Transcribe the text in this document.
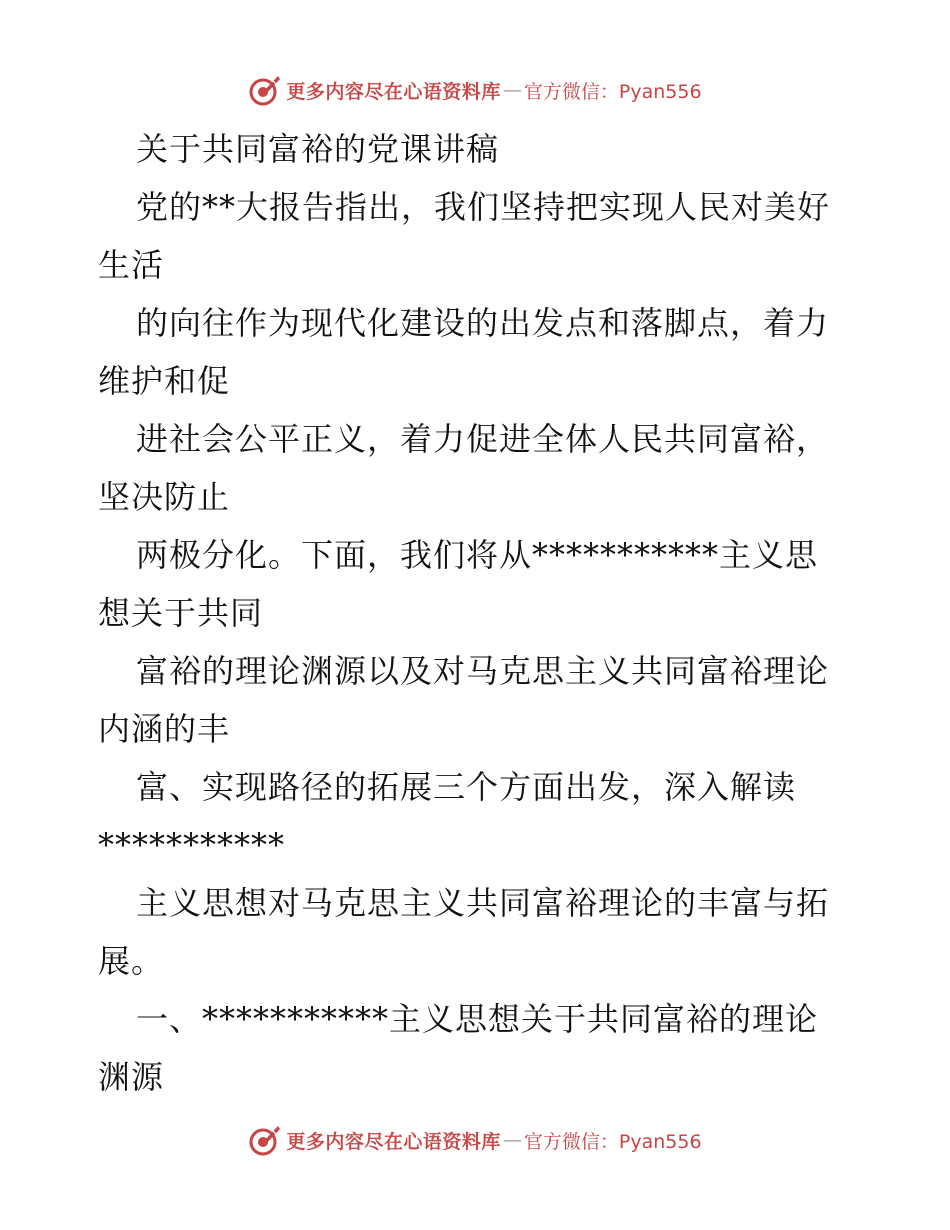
更多内容尽在心语资料库 — 官方微信：Pyan556

关于共同富裕的党课讲稿

党的**大报告指出，我们坚持把实现人民对美好

生活

的向往作为现代化建设的出发点和落脚点，着力

维护和促

进社会公平正义，着力促进全体人民共同富裕，

坚决防止

两极分化。下面，我们将从***********主义思

想关于共同

富裕的理论渊源以及对马克思主义共同富裕理论

内涵的丰

富、实现路径的拓展三个方面出发，深入解读

***********

主义思想对马克思主义共同富裕理论的丰富与拓

展。

一、***********主义思想关于共同富裕的理论

渊源

更多内容尽在心语资料库 — 官方微信：Pyan556
